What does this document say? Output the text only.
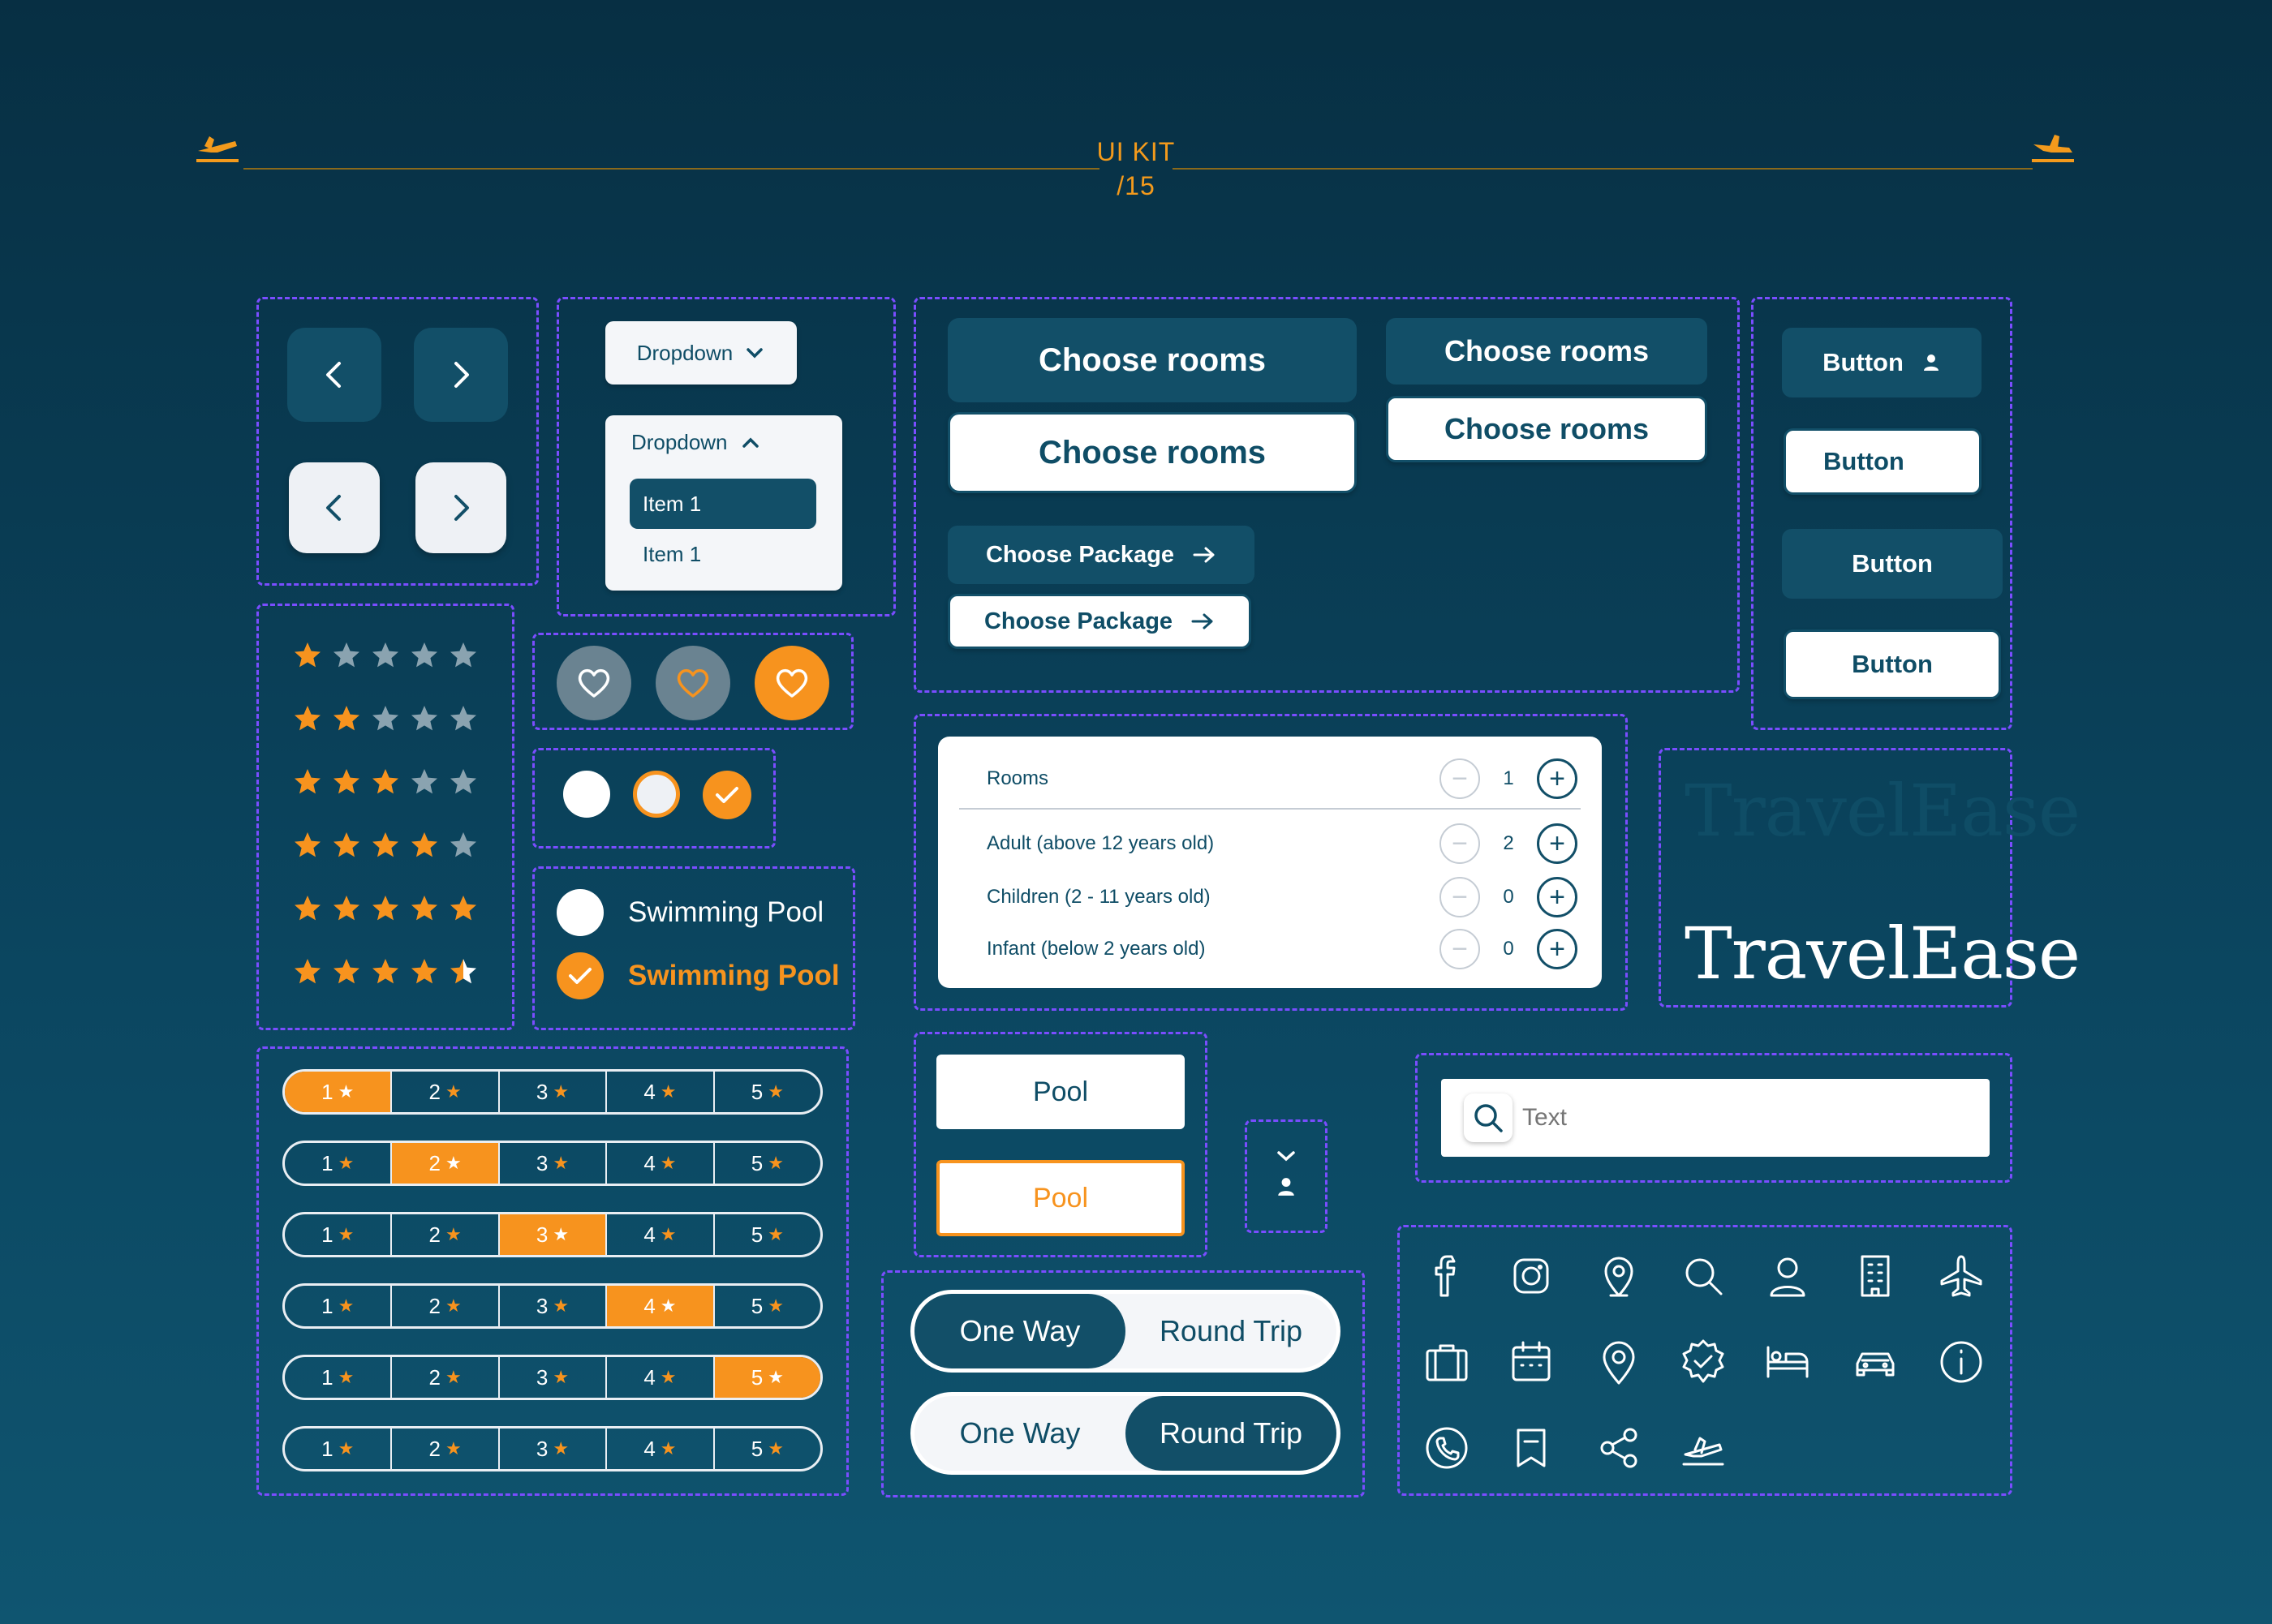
UI KIT
/15
Dropdown
Dropdown
Item 1
Item 1
Choose rooms
Choose rooms
Choose rooms
Choose rooms
Choose Package
Choose Package
Button
Button
Button
Button
Swimming Pool
Swimming Pool
1 ★	2 ★	3 ★	4 ★	5 ★
1 ★	2 ★	3 ★	4 ★	5 ★
1 ★	2 ★	3 ★	4 ★	5 ★
1 ★	2 ★	3 ★	4 ★	5 ★
1 ★	2 ★	3 ★	4 ★	5 ★
1 ★	2 ★	3 ★	4 ★	5 ★
Rooms	−	1	+
Adult (above 12 years old)	−	2	+
Children (2 - 11 years old)	−	0	+
Infant (below 2 years old)	−	0	+
TravelEase
TravelEase
Pool
Pool
One Way	Round Trip
One Way	Round Trip
Text
